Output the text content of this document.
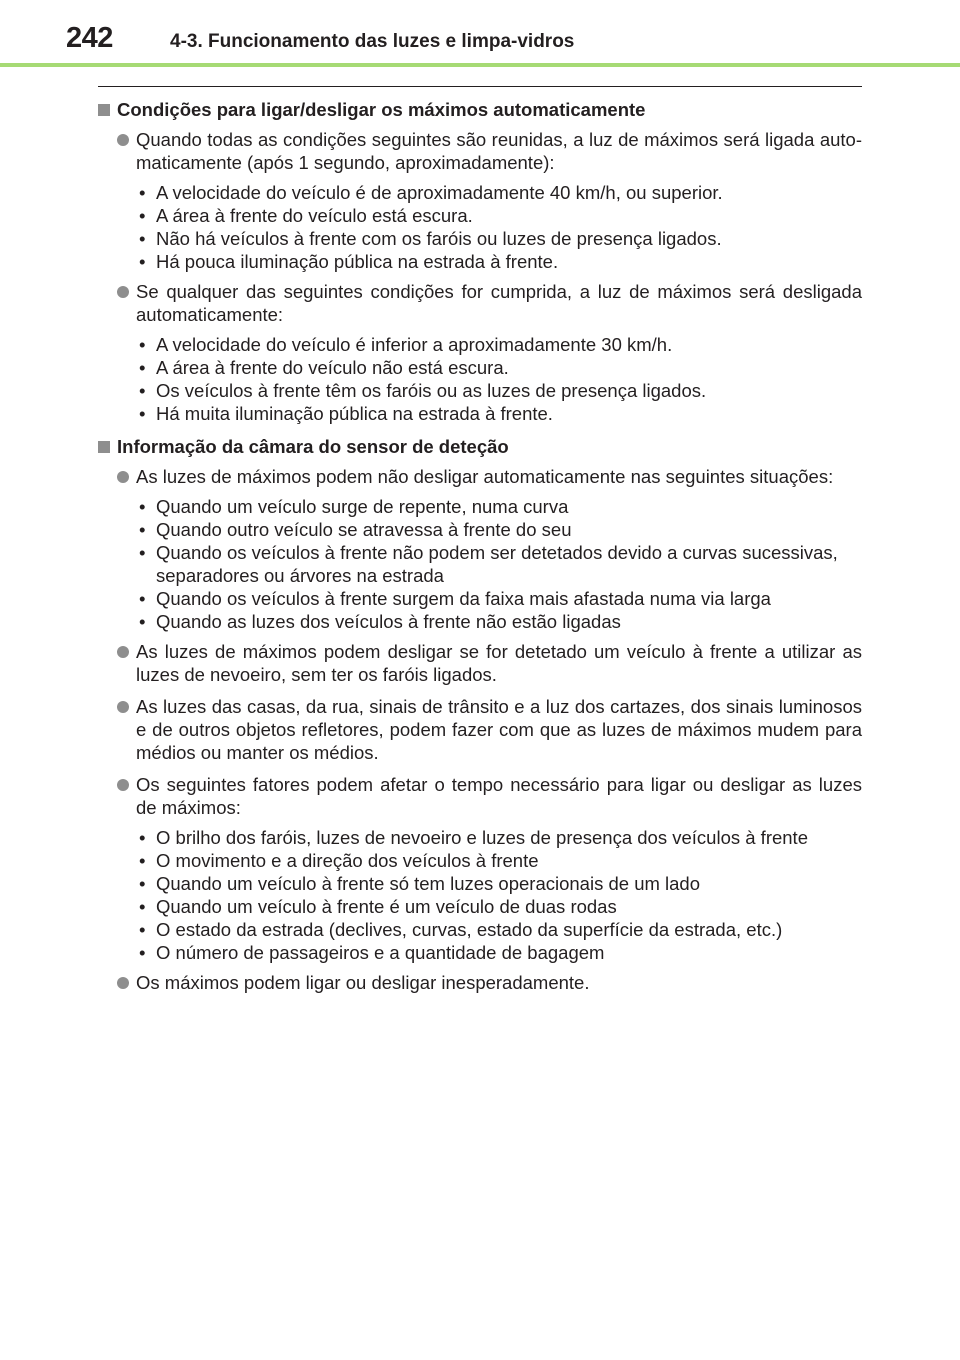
242	4-3. Funcionamento das luzes e limpa-vidros
Condições para ligar/desligar os máximos automaticamente
Quando todas as condições seguintes são reunidas, a luz de máximos será ligada auto-maticamente (após 1 segundo, aproximadamente):
• A velocidade do veículo é de aproximadamente 40 km/h, ou superior.
• A área à frente do veículo está escura.
• Não há veículos à frente com os faróis ou luzes de presença ligados.
• Há pouca iluminação pública na estrada à frente.
Se qualquer das seguintes condições for cumprida, a luz de máximos será desligada automaticamente:
• A velocidade do veículo é inferior a aproximadamente 30 km/h.
• A área à frente do veículo não está escura.
• Os veículos à frente têm os faróis ou as luzes de presença ligados.
• Há muita iluminação pública na estrada à frente.
Informação da câmara do sensor de deteção
As luzes de máximos podem não desligar automaticamente nas seguintes situações:
• Quando um veículo surge de repente, numa curva
• Quando outro veículo se atravessa à frente do seu
• Quando os veículos à frente não podem ser detetados devido a curvas sucessivas, separadores ou árvores na estrada
• Quando os veículos à frente surgem da faixa mais afastada numa via larga
• Quando as luzes dos veículos à frente não estão ligadas
As luzes de máximos podem desligar se for detetado um veículo à frente a utilizar as luzes de nevoeiro, sem ter os faróis ligados.
As luzes das casas, da rua, sinais de trânsito e a luz dos cartazes, dos sinais luminosos e de outros objetos refletores, podem fazer com que as luzes de máximos mudem para médios ou manter os médios.
Os seguintes fatores podem afetar o tempo necessário para ligar ou desligar as luzes de máximos:
• O brilho dos faróis, luzes de nevoeiro e luzes de presença dos veículos à frente
• O movimento e a direção dos veículos à frente
• Quando um veículo à frente só tem luzes operacionais de um lado
• Quando um veículo à frente é um veículo de duas rodas
• O estado da estrada (declives, curvas, estado da superfície da estrada, etc.)
• O número de passageiros e a quantidade de bagagem
Os máximos podem ligar ou desligar inesperadamente.
